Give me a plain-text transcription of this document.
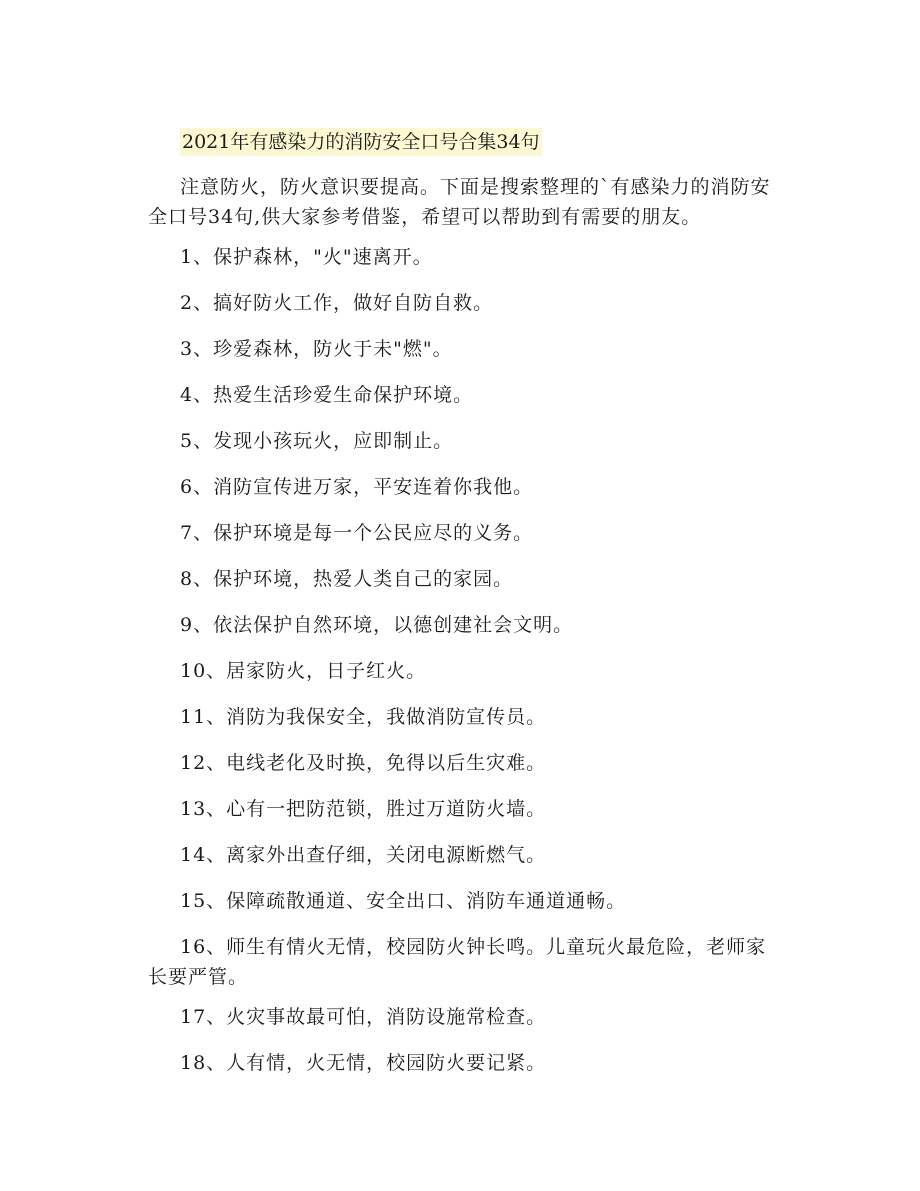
2021年有感染力的消防安全口号合集34句

注意防火，防火意识要提高。下面是搜索整理的`有感染力的消防安全口号34句,供大家参考借鉴，希望可以帮助到有需要的朋友。

1、保护森林，"火"速离开。

2、搞好防火工作，做好自防自救。

3、珍爱森林，防火于未"燃"。

4、热爱生活珍爱生命保护环境。

5、发现小孩玩火，应即制止。

6、消防宣传进万家，平安连着你我他。

7、保护环境是每一个公民应尽的义务。

8、保护环境，热爱人类自己的家园。

9、依法保护自然环境，以德创建社会文明。

10、居家防火，日子红火。

11、消防为我保安全，我做消防宣传员。

12、电线老化及时换，免得以后生灾难。

13、心有一把防范锁，胜过万道防火墙。

14、离家外出查仔细，关闭电源断燃气。

15、保障疏散通道、安全出口、消防车通道通畅。

16、师生有情火无情，校园防火钟长鸣。儿童玩火最危险，老师家长要严管。

17、火灾事故最可怕，消防设施常检查。

18、人有情，火无情，校园防火要记紧。
